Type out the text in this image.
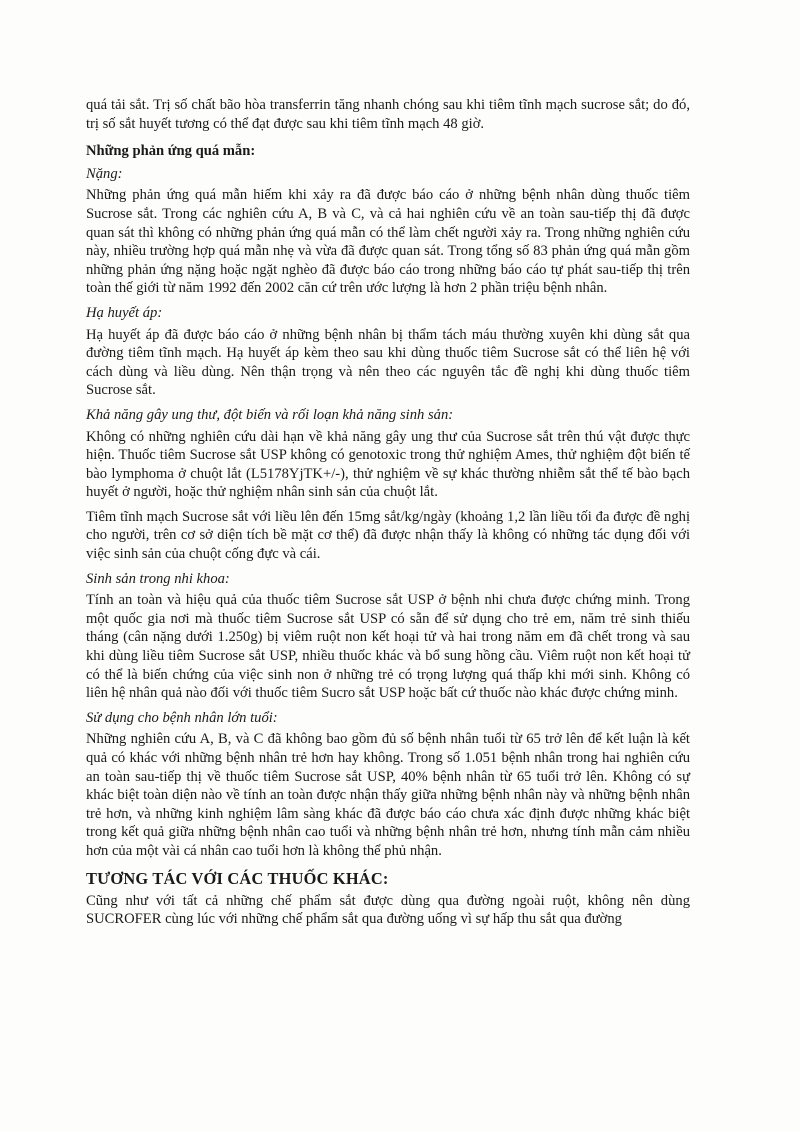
quá tải sắt. Trị số chất bão hòa transferrin tăng nhanh chóng sau khi tiêm tĩnh mạch sucrose sắt; do đó, trị số sắt huyết tương có thể đạt được sau khi tiêm tĩnh mạch 48 giờ.

Những phản ứng quá mẫn:
Nặng:

Những phản ứng quá mẫn hiếm khi xảy ra đã được báo cáo ở những bệnh nhân dùng thuốc tiêm Sucrose sắt. Trong các nghiên cứu A, B và C, và cả hai nghiên cứu về an toàn sau-tiếp thị đã được quan sát thì không có những phản ứng quá mẫn có thể làm chết người xảy ra. Trong những nghiên cứu này, nhiều trường hợp quá mẫn nhẹ và vừa đã được quan sát. Trong tổng số 83 phản ứng quá mẫn gồm những phản ứng nặng hoặc ngặt nghèo đã được báo cáo trong những báo cáo tự phát sau-tiếp thị trên toàn thế giới từ năm 1992 đến 2002 căn cứ trên ước lượng là hơn 2 phần triệu bệnh nhân.

Hạ huyết áp:

Hạ huyết áp đã được báo cáo ở những bệnh nhân bị thẩm tách máu thường xuyên khi dùng sắt qua đường tiêm tĩnh mạch. Hạ huyết áp kèm theo sau khi dùng thuốc tiêm Sucrose sắt có thể liên hệ với cách dùng và liều dùng. Nên thận trọng và nên theo các nguyên tắc đề nghị khi dùng thuốc tiêm Sucrose sắt.

Khả năng gây ung thư, đột biến và rối loạn khả năng sinh sản:

Không có những nghiên cứu dài hạn về khả năng gây ung thư của Sucrose sắt trên thú vật được thực hiện. Thuốc tiêm Sucrose sắt USP không có genotoxic trong thử nghiệm Ames, thử nghiệm đột biến tế bào lymphoma ở chuột lắt (L5178YjTK+/-), thử nghiệm về sự khác thường nhiễm sắt thể tế bào bạch huyết ở người, hoặc thử nghiệm nhân sinh sản của chuột lắt.

Tiêm tĩnh mạch Sucrose sắt với liều lên đến 15mg sắt/kg/ngày (khoảng 1,2 lần liều tối đa được đề nghị cho người, trên cơ sở diện tích bề mặt cơ thể) đã được nhận thấy là không có những tác dụng đối với việc sinh sản của chuột cống đực và cái.

Sinh sản trong nhi khoa:

Tính an toàn và hiệu quả của thuốc tiêm Sucrose sắt USP ở bệnh nhi chưa được chứng minh. Trong một quốc gia nơi mà thuốc tiêm Sucrose sắt USP có sẵn để sử dụng cho trẻ em, năm trẻ sinh thiếu tháng (cân nặng dưới 1.250g) bị viêm ruột non kết hoại tử và hai trong năm em đã chết trong và sau khi dùng liều tiêm Sucrose sắt USP, nhiều thuốc khác và bổ sung hồng cầu. Viêm ruột non kết hoại tử có thể là biến chứng của việc sinh non ở những trẻ có trọng lượng quá thấp khi mới sinh. Không có liên hệ nhân quả nào đối với thuốc tiêm Sucro sắt USP hoặc bất cứ thuốc nào khác được chứng minh.

Sử dụng cho bệnh nhân lớn tuổi:

Những nghiên cứu A, B, và C đã không bao gồm đủ số bệnh nhân tuổi từ 65 trở lên để kết luận là kết quả có khác với những bệnh nhân trẻ hơn hay không. Trong số 1.051 bệnh nhân trong hai nghiên cứu an toàn sau-tiếp thị về thuốc tiêm Sucrose sắt USP, 40% bệnh nhân từ 65 tuổi trở lên. Không có sự khác biệt toàn diện nào về tính an toàn được nhận thấy giữa những bệnh nhân này và những bệnh nhân trẻ hơn, và những kinh nghiệm lâm sàng khác đã được báo cáo chưa xác định được những khác biệt trong kết quả giữa những bệnh nhân cao tuổi và những bệnh nhân trẻ hơn, nhưng tính mẫn cảm nhiều hơn của một vài cá nhân cao tuổi hơn là không thể phủ nhận.

TƯƠNG TÁC VỚI CÁC THUỐC KHÁC:

Cũng như với tất cả những chế phẩm sắt được dùng qua đường ngoài ruột, không nên dùng SUCROFER cùng lúc với những chế phẩm sắt qua đường uống vì sự hấp thu sắt qua đường
